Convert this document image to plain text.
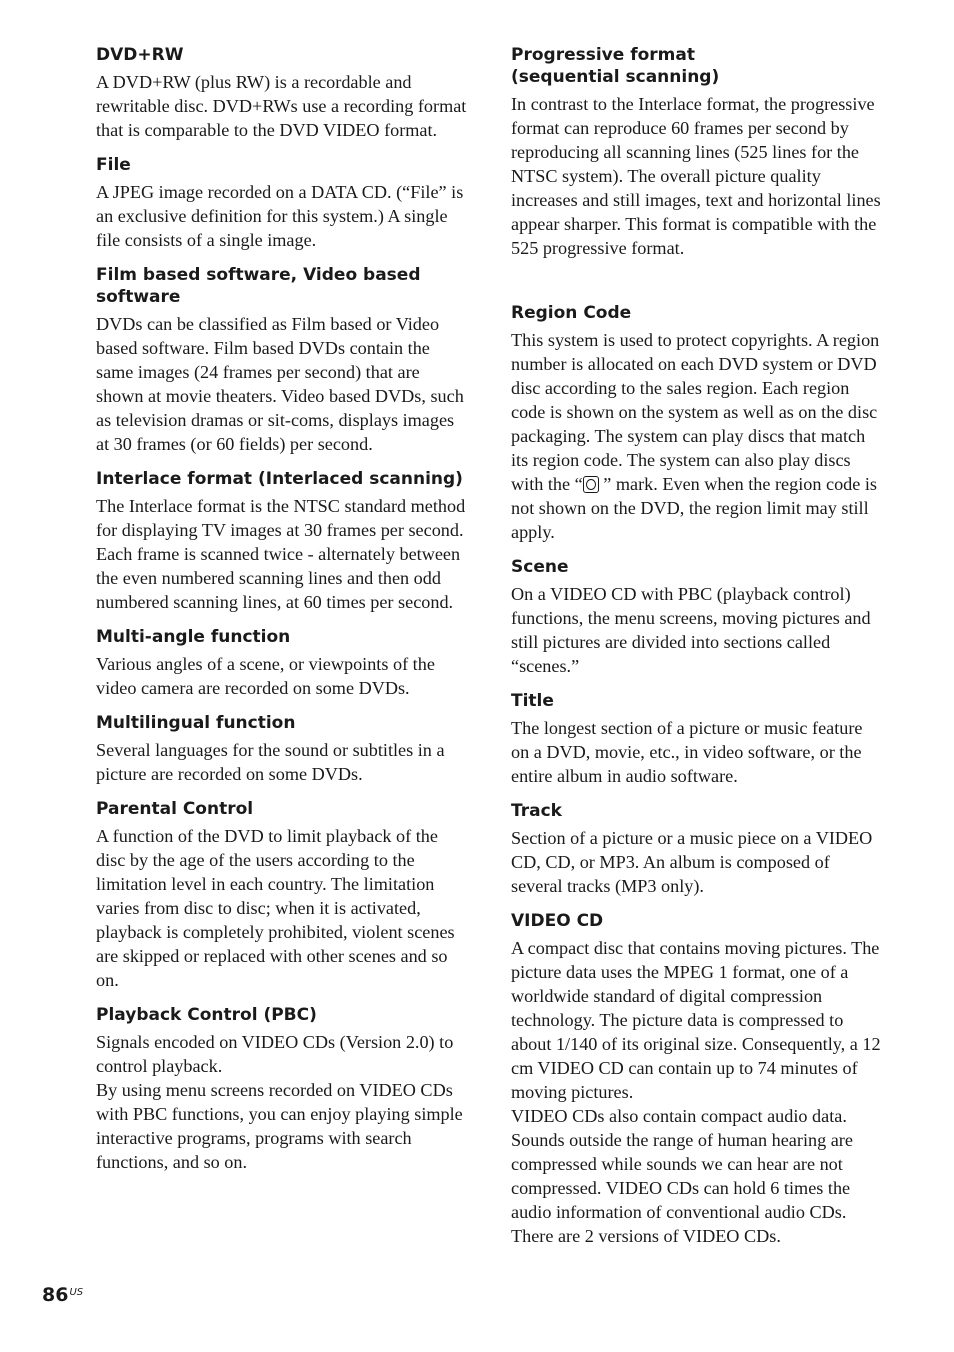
DVD+RW

A DVD+RW (plus RW) is a recordable and rewritable disc. DVD+RWs use a recording format that is comparable to the DVD VIDEO format.

File

A JPEG image recorded on a DATA CD. (“File” is an exclusive definition for this system.) A single file consists of a single image.

Film based software, Video based software

DVDs can be classified as Film based or Video based software. Film based DVDs contain the same images (24 frames per second) that are shown at movie theaters. Video based DVDs, such as television dramas or sit-coms, displays images at 30 frames (or 60 fields) per second.

Interlace format (Interlaced scanning)

The Interlace format is the NTSC standard method for displaying TV images at 30 frames per second. Each frame is scanned twice - alternately between the even numbered scanning lines and then odd numbered scanning lines, at 60 times per second.

Multi-angle function

Various angles of a scene, or viewpoints of the video camera are recorded on some DVDs.

Multilingual function

Several languages for the sound or subtitles in a picture are recorded on some DVDs.

Parental Control

A function of the DVD to limit playback of the disc by the age of the users according to the limitation level in each country. The limitation varies from disc to disc; when it is activated, playback is completely prohibited, violent scenes are skipped or replaced with other scenes and so on.

Playback Control (PBC)

Signals encoded on VIDEO CDs (Version 2.0) to control playback.

By using menu screens recorded on VIDEO CDs with PBC functions, you can enjoy playing simple interactive programs, programs with search functions, and so on.

Progressive format (sequential scanning)

In contrast to the Interlace format, the progressive format can reproduce 60 frames per second by reproducing all scanning lines (525 lines for the NTSC system). The overall picture quality increases and still images, text and horizontal lines appear sharper. This format is compatible with the 525 progressive format.

Region Code

This system is used to protect copyrights. A region number is allocated on each DVD system or DVD disc according to the sales region. Each region code is shown on the system as well as on the disc packaging. The system can play discs that match its region code. The system can also play discs with the “ ” mark. Even when the region code is not shown on the DVD, the region limit may still apply.

Scene

On a VIDEO CD with PBC (playback control) functions, the menu screens, moving pictures and still pictures are divided into sections called “scenes.”

Title

The longest section of a picture or music feature on a DVD, movie, etc., in video software, or the entire album in audio software.

Track

Section of a picture or a music piece on a VIDEO CD, CD, or MP3. An album is composed of several tracks (MP3 only).

VIDEO CD

A compact disc that contains moving pictures. The picture data uses the MPEG 1 format, one of a worldwide standard of digital compression technology. The picture data is compressed to about 1/140 of its original size. Consequently, a 12 cm VIDEO CD can contain up to 74 minutes of moving pictures.

VIDEO CDs also contain compact audio data. Sounds outside the range of human hearing are compressed while sounds we can hear are not compressed. VIDEO CDs can hold 6 times the audio information of conventional audio CDs. There are 2 versions of VIDEO CDs.

$86^{US}$
